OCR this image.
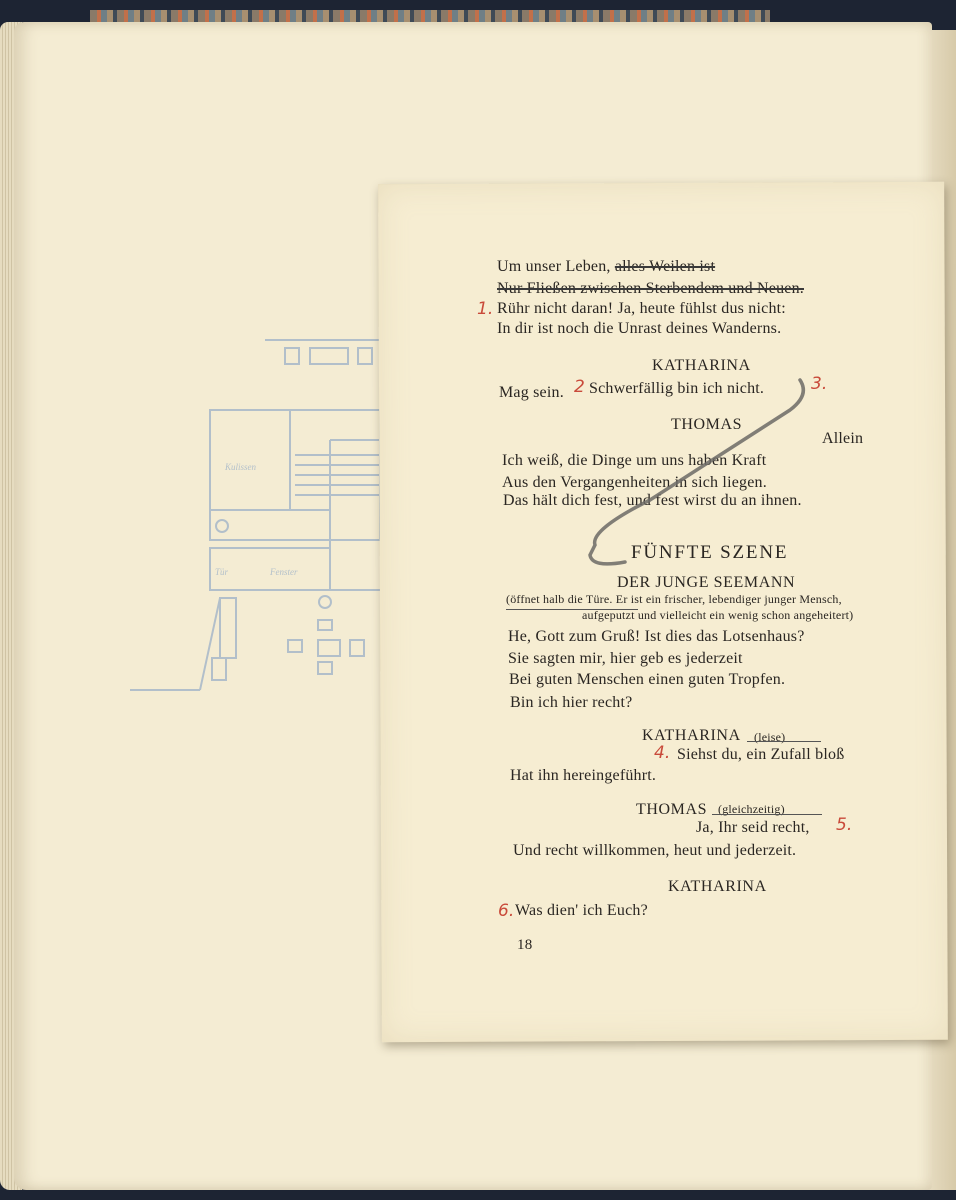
Kulissen
Tür	Fenster
Um unser Leben, alles Weilen ist
Nur Fließen zwischen Sterbendem und Neuen.
Rühr nicht daran! Ja, heute fühlst dus nicht:
In dir ist noch die Unrast deines Wanderns.
KATHARINA
Mag sein. Schwerfällig bin ich nicht.
THOMAS
Allein
Ich weiß, die Dinge um uns haben Kraft
Aus den Vergangenheiten in sich liegen.
Das hält dich fest, und fest wirst du an ihnen.
FÜNFTE SZENE
DER JUNGE SEEMANN
(öffnet halb die Türe. Er ist ein frischer, lebendiger junger Mensch,
aufgeputzt und vielleicht ein wenig schon angeheitert)
He, Gott zum Gruß! Ist dies das Lotsenhaus?
Sie sagten mir, hier geb es jederzeit
Bei guten Menschen einen guten Tropfen.
Bin ich hier recht?
KATHARINA (leise)
Siehst du, ein Zufall bloß
Hat ihn hereingeführt.
THOMAS (gleichzeitig)
Ja, Ihr seid recht,
Und recht willkommen, heut und jederzeit.
KATHARINA
Was dien' ich Euch?
18
1.
2	3.
4.
5.
6.
